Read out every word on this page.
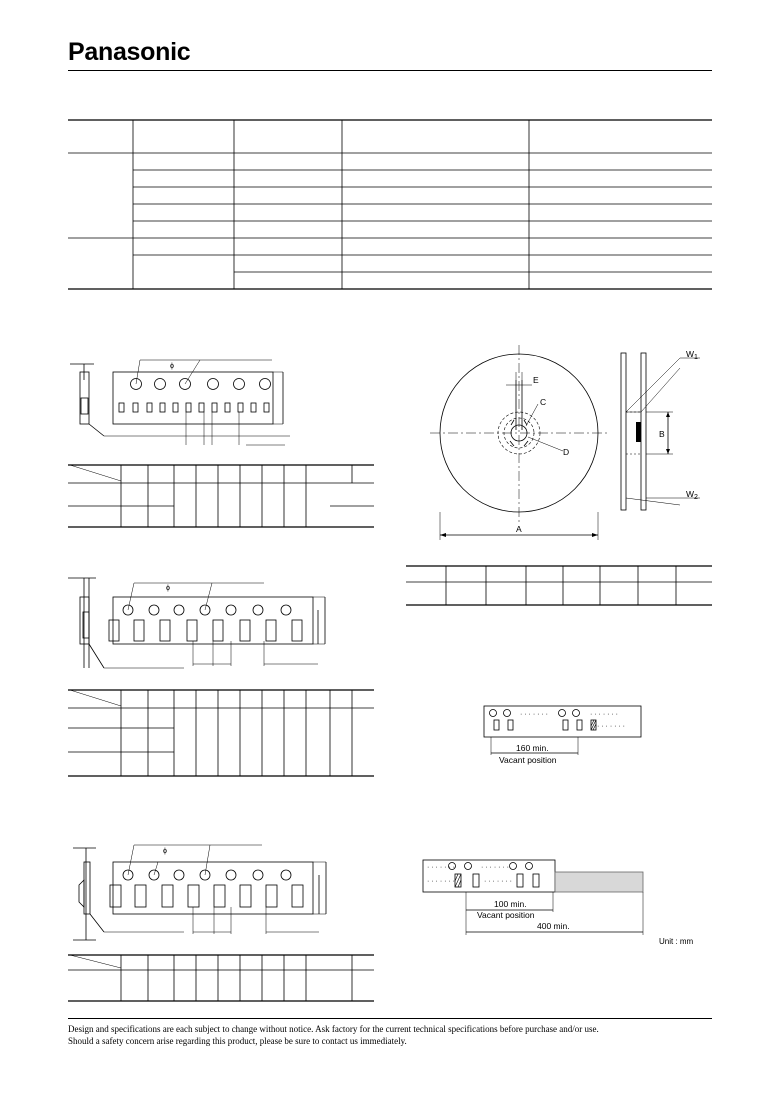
Panasonic
ϕ
ϕ
ϕ
E
C
D
A
B
W 1
W 2
· · · · · · ·	· · · · · · ·
· · · · · · ·
160 min.
Vacant position
· · · · · · ·	· · · · · · ·
· · · · · · ·	· · · · · · ·
100 min.
Vacant position
400 min.
Unit : mm
Design and specifications are each subject to change without notice. Ask factory for the current technical specifications before purchase and/or use.
Should a safety concern arise regarding this product, please be sure to contact us immediately.
